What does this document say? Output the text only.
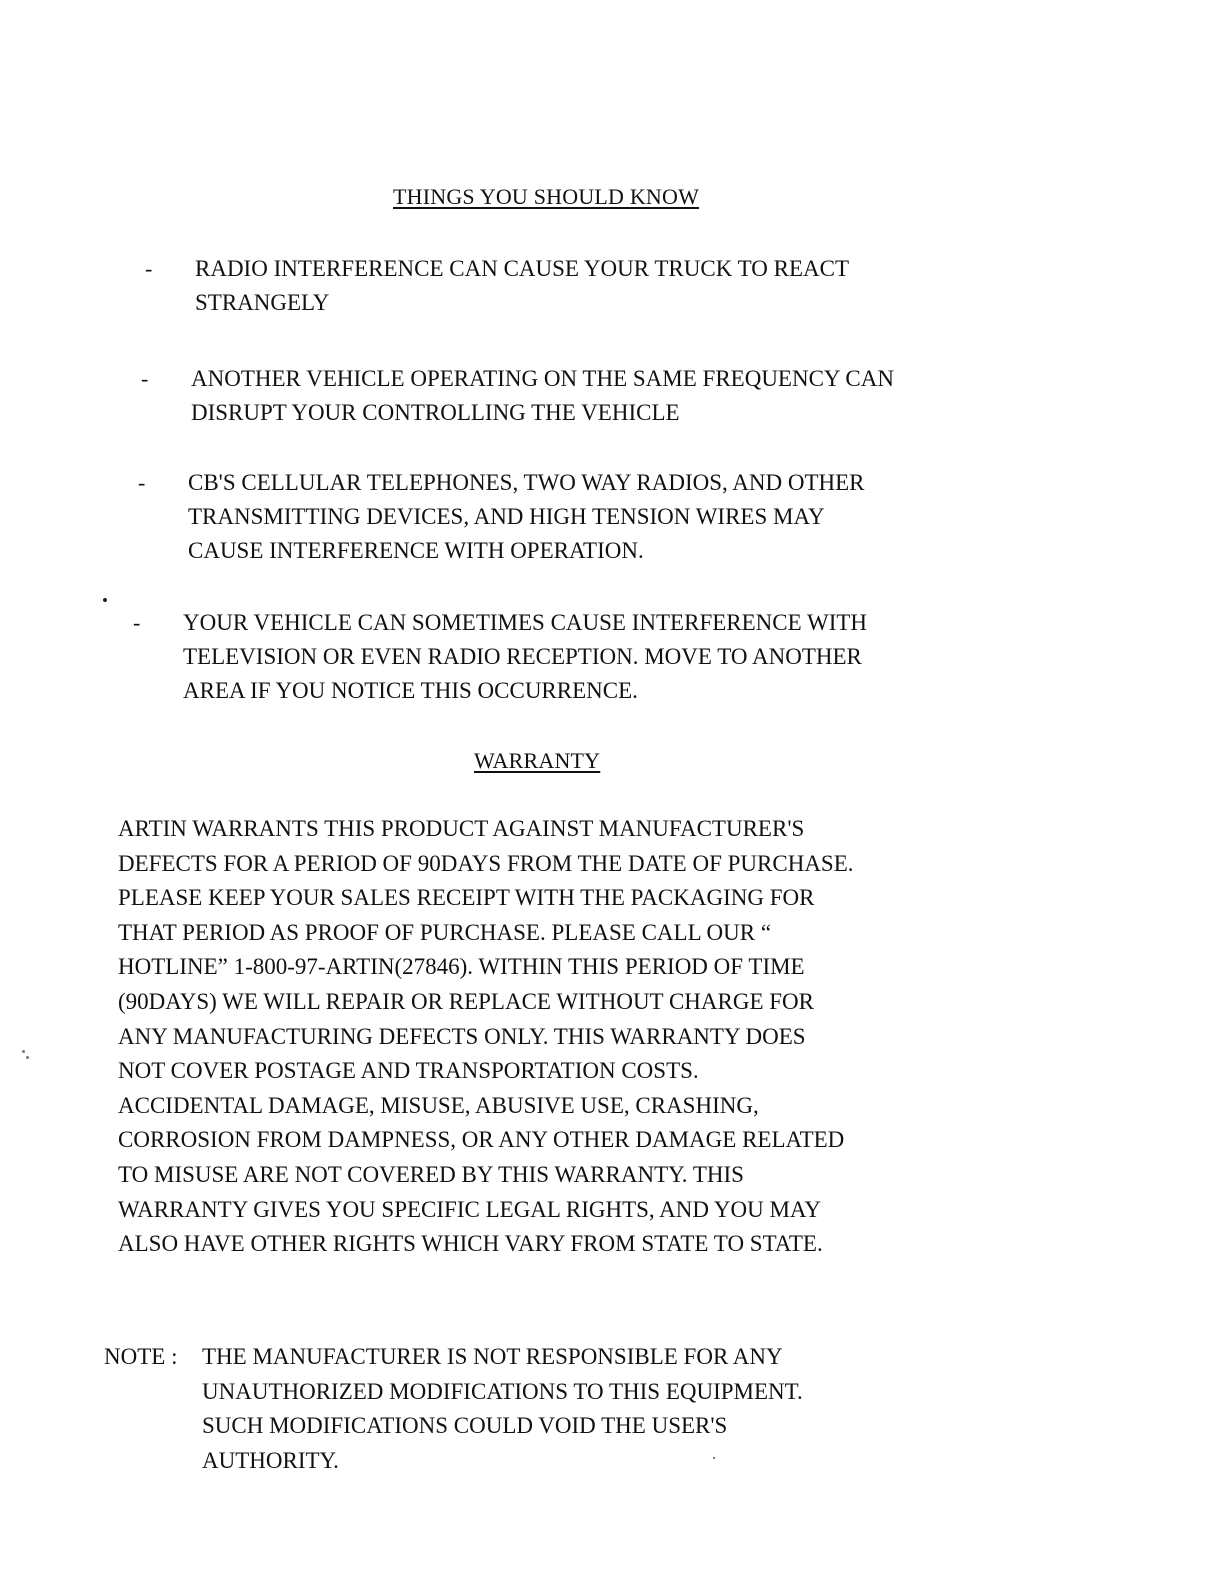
THINGS YOU SHOULD KNOW
-	RADIO INTERFERENCE CAN CAUSE YOUR TRUCK TO REACT
STRANGELY
-	ANOTHER VEHICLE OPERATING ON THE SAME FREQUENCY CAN
DISRUPT YOUR CONTROLLING THE VEHICLE
-	CB'S CELLULAR TELEPHONES, TWO WAY RADIOS, AND OTHER
TRANSMITTING DEVICES, AND HIGH TENSION WIRES MAY
CAUSE INTERFERENCE WITH OPERATION.
-	YOUR VEHICLE CAN SOMETIMES CAUSE INTERFERENCE WITH
TELEVISION OR EVEN RADIO RECEPTION. MOVE TO ANOTHER
AREA IF YOU NOTICE THIS OCCURRENCE.
WARRANTY
ARTIN WARRANTS THIS PRODUCT AGAINST MANUFACTURER'S
DEFECTS FOR A PERIOD OF 90DAYS FROM THE DATE OF PURCHASE.
PLEASE KEEP YOUR SALES RECEIPT WITH THE PACKAGING FOR
THAT PERIOD AS PROOF OF PURCHASE. PLEASE CALL OUR “
HOTLINE” 1-800-97-ARTIN(27846). WITHIN THIS PERIOD OF TIME
(90DAYS) WE WILL REPAIR OR REPLACE WITHOUT CHARGE FOR
ANY MANUFACTURING DEFECTS ONLY. THIS WARRANTY DOES
NOT COVER POSTAGE AND TRANSPORTATION COSTS.
ACCIDENTAL DAMAGE, MISUSE, ABUSIVE USE, CRASHING,
CORROSION FROM DAMPNESS, OR ANY OTHER DAMAGE RELATED
TO MISUSE ARE NOT COVERED BY THIS WARRANTY. THIS
WARRANTY GIVES YOU SPECIFIC LEGAL RIGHTS, AND YOU MAY
ALSO HAVE OTHER RIGHTS WHICH VARY FROM STATE TO STATE.
NOTE :	THE MANUFACTURER IS NOT RESPONSIBLE FOR ANY
UNAUTHORIZED MODIFICATIONS TO THIS EQUIPMENT.
SUCH MODIFICATIONS COULD VOID THE USER'S
AUTHORITY.
